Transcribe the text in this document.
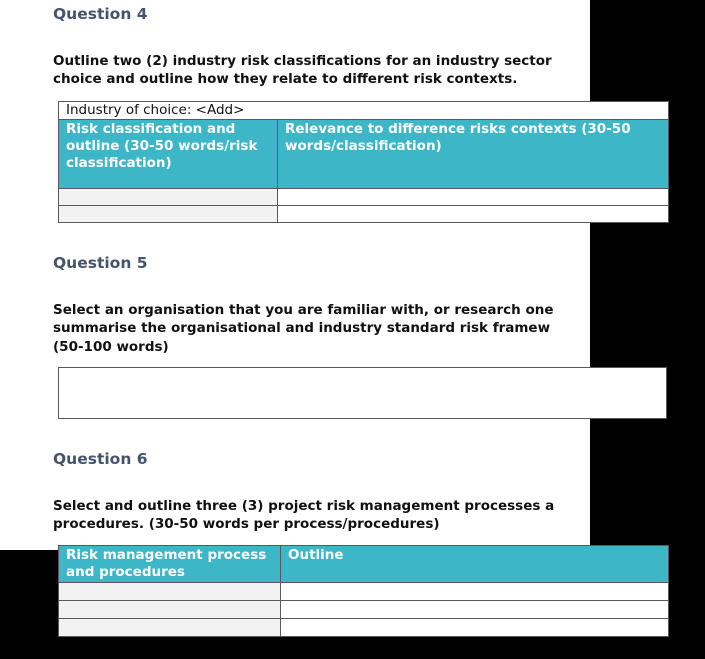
Question 4

Outline two (2) industry risk classifications for an industry sector

choice and outline how they relate to different risk contexts.

Industry of choice: <Add>	
Risk classification and outline (30-50 words/risk classification)	Relevance to difference risks contexts (30-50 words/classification)

Question 5

Select an organisation that you are familiar with, or research one

summarise the organisational and industry standard risk framew

(50-100 words)

Question 6

Select and outline three (3) project risk management processes a

procedures. (30-50 words per process/procedures)

Risk management process and procedures	Outline
